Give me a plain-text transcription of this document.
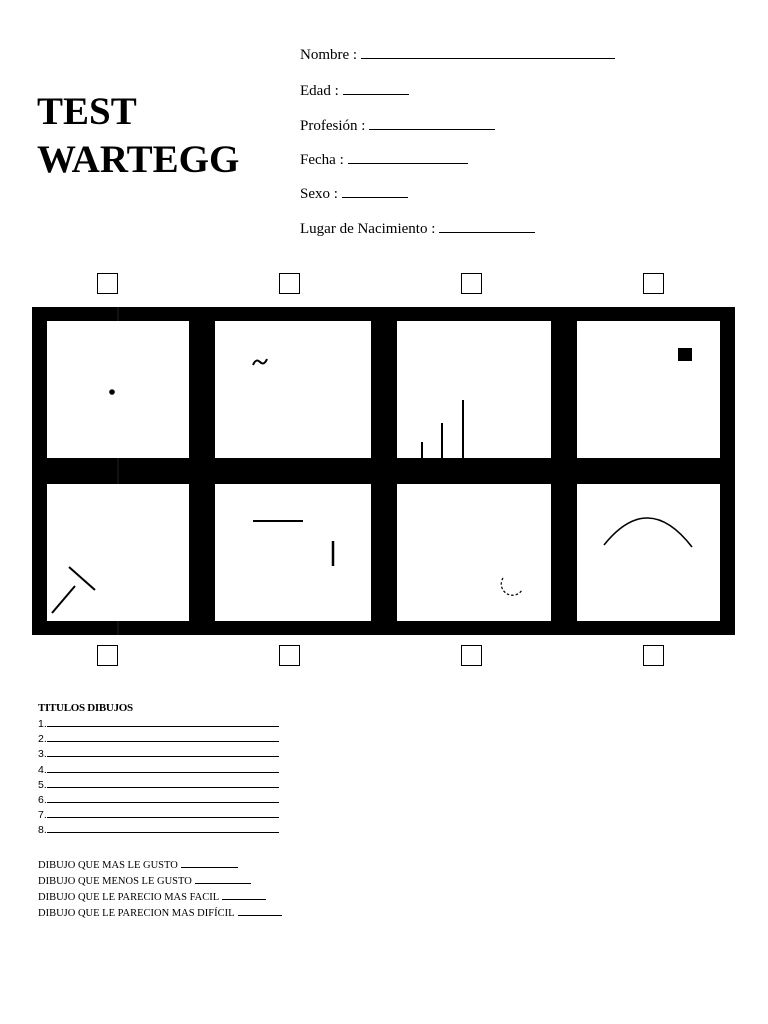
TEST
WARTEGG
Nombre :
Edad :
Profesión :
Fecha :
Sexo :
Lugar de Nacimiento :
TITULOS DIBUJOS
1.
2.
3.
4.
5.
6.
7.
8.
DIBUJO QUE MAS LE GUSTO
DIBUJO QUE MENOS LE GUSTO
DIBUJO QUE LE PARECIO MAS FACIL
DIBUJO QUE LE PARECION MAS DIFÍCIL
